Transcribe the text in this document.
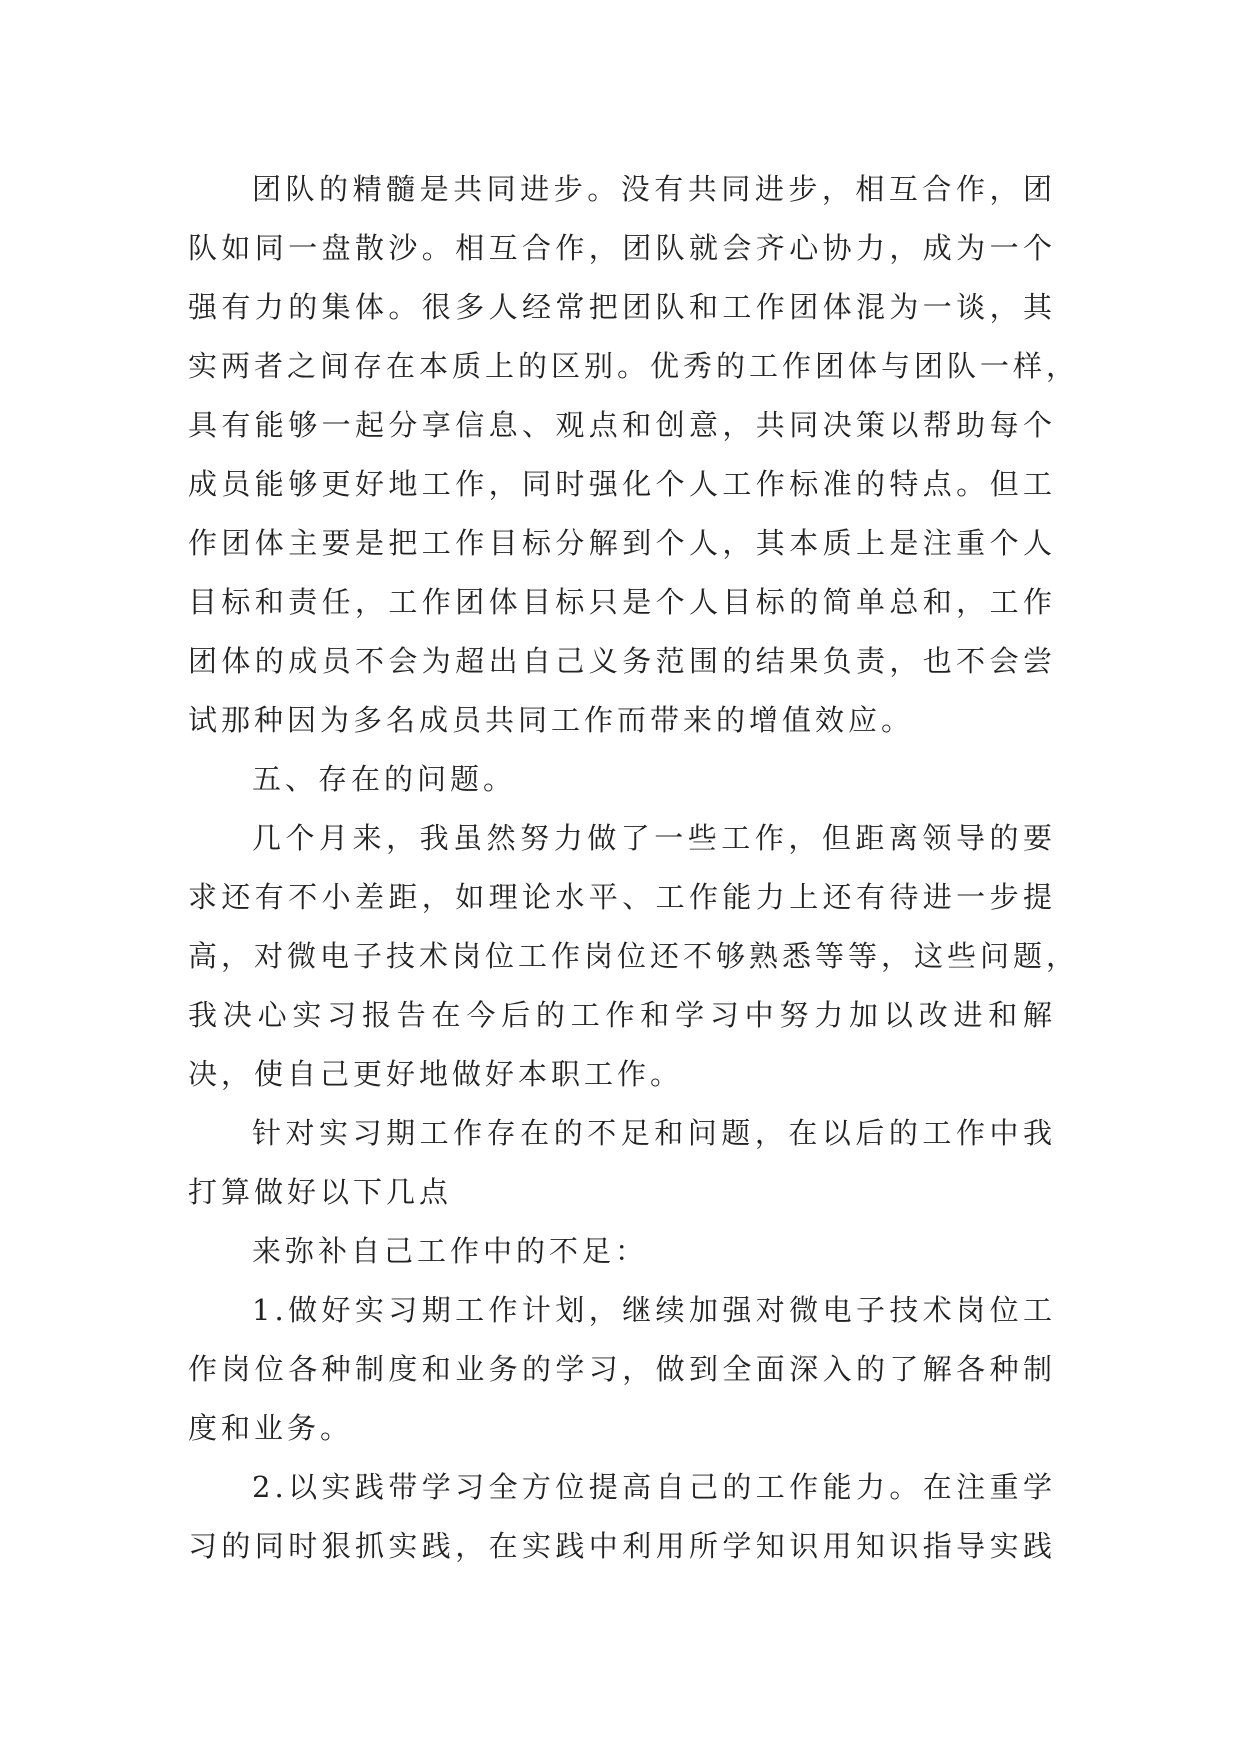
团队的精髓是共同进步。没有共同进步，相互合作，团
队如同一盘散沙。相互合作，团队就会齐心协力，成为一个
强有力的集体。很多人经常把团队和工作团体混为一谈，其
实两者之间存在本质上的区别。优秀的工作团体与团队一样，
具有能够一起分享信息、观点和创意，共同决策以帮助每个
成员能够更好地工作，同时强化个人工作标准的特点。但工
作团体主要是把工作目标分解到个人，其本质上是注重个人
目标和责任，工作团体目标只是个人目标的简单总和，工作
团体的成员不会为超出自己义务范围的结果负责，也不会尝
试那种因为多名成员共同工作而带来的增值效应。
五、存在的问题。
几个月来，我虽然努力做了一些工作，但距离领导的要
求还有不小差距，如理论水平、工作能力上还有待进一步提
高，对微电子技术岗位工作岗位还不够熟悉等等，这些问题，
我决心实习报告在今后的工作和学习中努力加以改进和解
决，使自己更好地做好本职工作。
针对实习期工作存在的不足和问题，在以后的工作中我
打算做好以下几点
来弥补自己工作中的不足：
1.做好实习期工作计划，继续加强对微电子技术岗位工
作岗位各种制度和业务的学习，做到全面深入的了解各种制
度和业务。
2.以实践带学习全方位提高自己的工作能力。在注重学
习的同时狠抓实践，在实践中利用所学知识用知识指导实践
